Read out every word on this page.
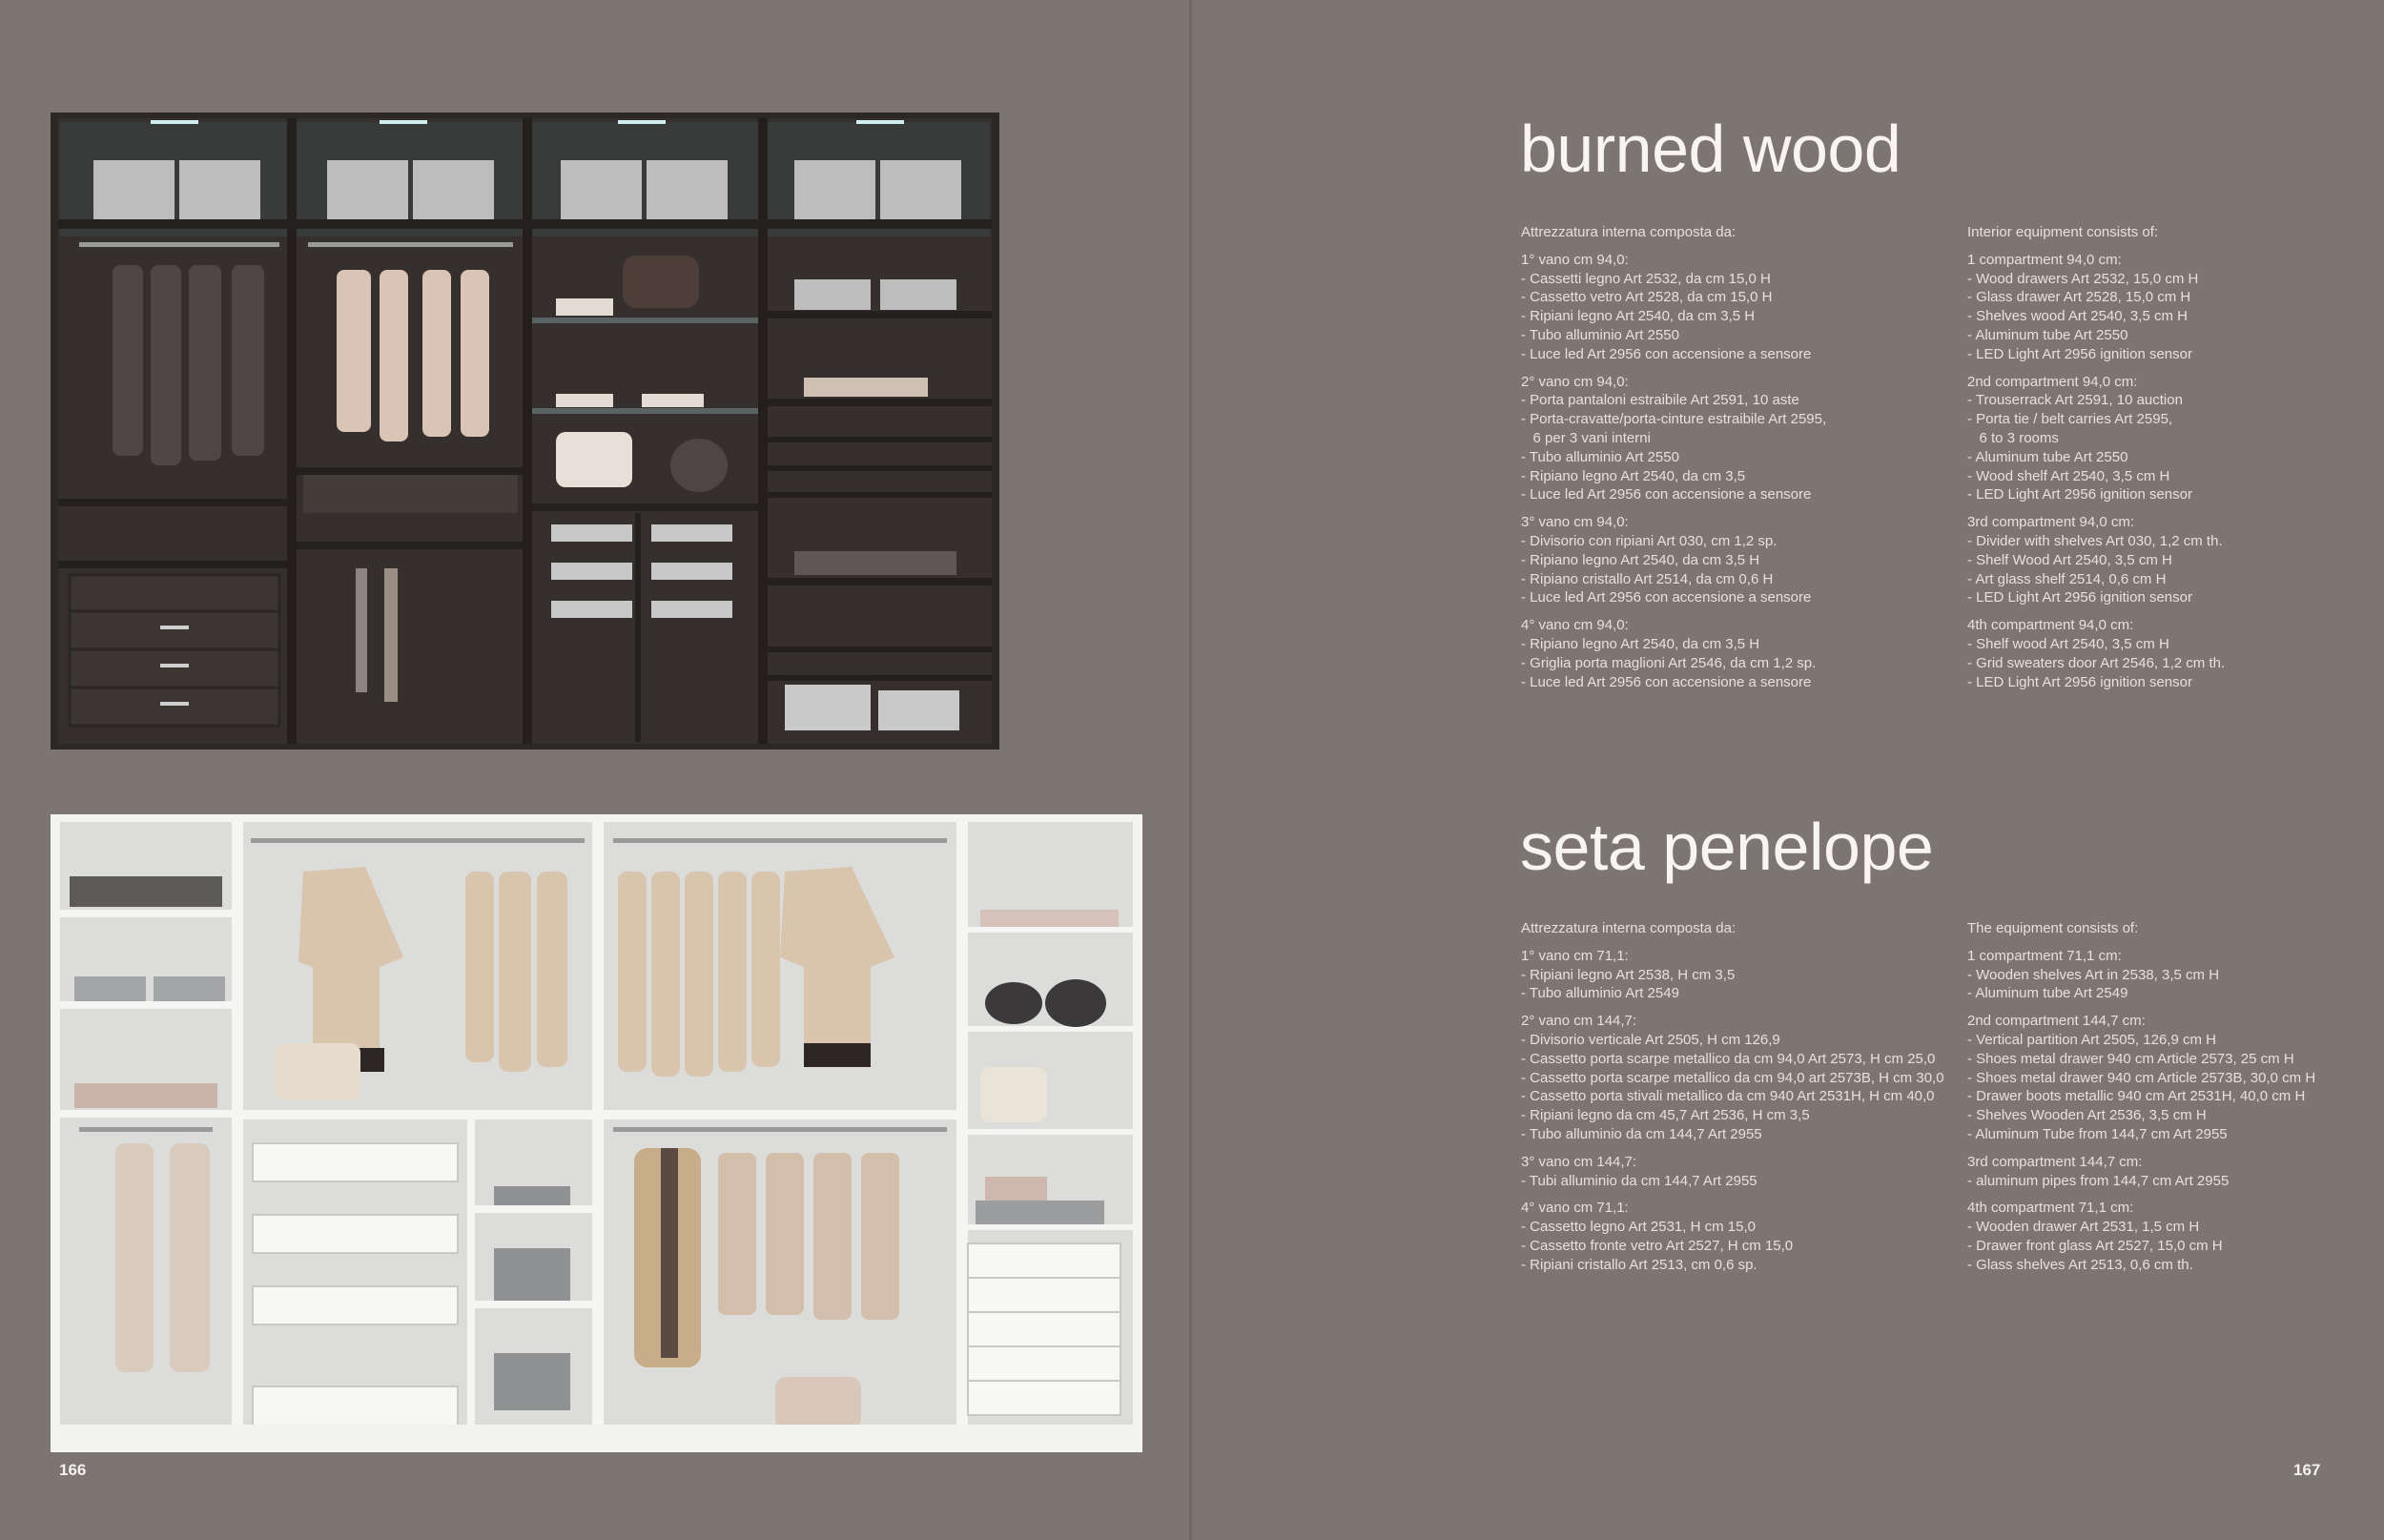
burned wood
seta penelope
Attrezzatura interna composta da:
1° vano cm 94,0:
- Cassetti legno Art 2532, da cm 15,0 H
- Cassetto vetro Art 2528, da cm 15,0 H
- Ripiani legno Art 2540, da cm 3,5 H
- Tubo alluminio Art 2550
- Luce led Art 2956 con accensione a sensore
2° vano cm 94,0:
- Porta pantaloni estraibile Art 2591, 10 aste
- Porta-cravatte/porta-cinture estraibile Art 2595,
6 per 3 vani interni
- Tubo alluminio Art 2550
- Ripiano legno Art 2540, da cm 3,5
- Luce led Art 2956 con accensione a sensore
3° vano cm 94,0:
- Divisorio con ripiani Art 030, cm 1,2 sp.
- Ripiano legno Art 2540, da cm 3,5 H
- Ripiano cristallo Art 2514, da cm 0,6 H
- Luce led Art 2956 con accensione a sensore
4° vano cm 94,0:
- Ripiano legno Art 2540, da cm 3,5 H
- Griglia porta maglioni Art 2546, da cm 1,2 sp.
- Luce led Art 2956 con accensione a sensore
Interior equipment consists of:
1 compartment 94,0 cm:
- Wood drawers Art 2532, 15,0 cm H
- Glass drawer Art 2528, 15,0 cm H
- Shelves wood Art 2540, 3,5 cm H
- Aluminum tube Art 2550
- LED Light Art 2956 ignition sensor
2nd compartment 94,0 cm:
- Trouserrack Art 2591, 10 auction
- Porta tie / belt carries Art 2595,
6 to 3 rooms
- Aluminum tube Art 2550
- Wood shelf Art 2540, 3,5 cm H
- LED Light Art 2956 ignition sensor
3rd compartment 94,0 cm:
- Divider with shelves Art 030, 1,2 cm th.
- Shelf Wood Art 2540, 3,5 cm H
- Art glass shelf 2514, 0,6 cm H
- LED Light Art 2956 ignition sensor
4th compartment 94,0 cm:
- Shelf wood Art 2540, 3,5 cm H
- Grid sweaters door Art 2546, 1,2 cm th.
- LED Light Art 2956 ignition sensor
Attrezzatura interna composta da:
1° vano cm 71,1:
- Ripiani legno Art 2538, H cm 3,5
- Tubo alluminio Art 2549
2° vano cm 144,7:
- Divisorio verticale Art 2505, H cm 126,9
- Cassetto porta scarpe metallico da cm 94,0 Art 2573, H cm 25,0
- Cassetto porta scarpe metallico da cm 94,0 art 2573B, H cm 30,0
- Cassetto porta stivali metallico da cm 940 Art 2531H, H cm 40,0
- Ripiani legno da cm 45,7 Art 2536, H cm 3,5
- Tubo alluminio da cm 144,7 Art 2955
3° vano cm 144,7:
- Tubi alluminio da cm 144,7 Art 2955
4° vano cm 71,1:
- Cassetto legno Art 2531, H cm 15,0
- Cassetto fronte vetro Art 2527, H cm 15,0
- Ripiani cristallo Art 2513, cm 0,6 sp.
The equipment consists of:
1 compartment 71,1 cm:
- Wooden shelves Art in 2538, 3,5 cm H
- Aluminum tube Art 2549
2nd compartment 144,7 cm:
- Vertical partition Art 2505, 126,9 cm H
- Shoes metal drawer 940 cm Article 2573, 25 cm H
- Shoes metal drawer 940 cm Article 2573B, 30,0 cm H
- Drawer boots metallic 940 cm Art 2531H, 40,0 cm H
- Shelves Wooden Art 2536, 3,5 cm H
- Aluminum Tube from 144,7 cm Art 2955
3rd compartment 144,7 cm:
- aluminum pipes from 144,7 cm Art 2955
4th compartment 71,1 cm:
- Wooden drawer Art 2531, 1,5 cm H
- Drawer front glass Art 2527, 15,0 cm H
- Glass shelves Art 2513, 0,6 cm th.
166	167
